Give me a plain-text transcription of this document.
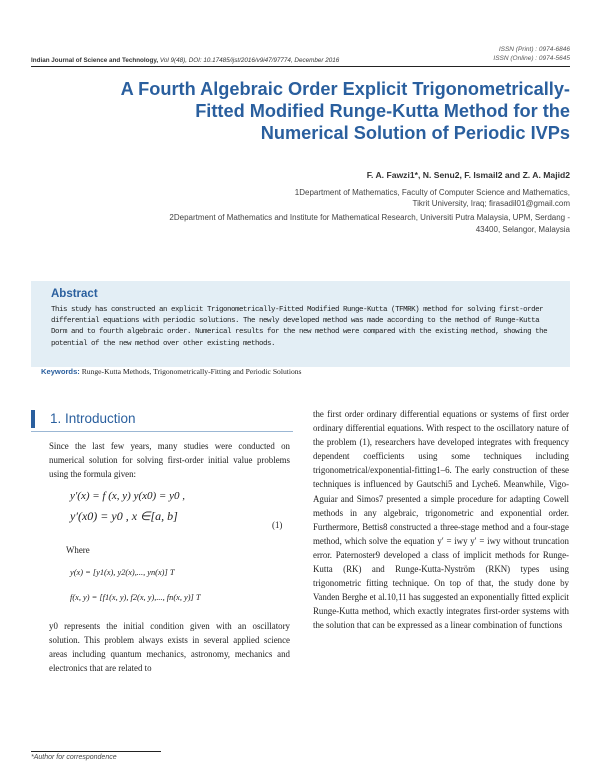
ISSN (Print) : 0974-6846
ISSN (Online) : 0974-5645
Indian Journal of Science and Technology, Vol 9(48), DOI: 10.17485/ijst/2016/v9i47/97774, December 2016
A Fourth Algebraic Order Explicit Trigonometrically-
Fitted Modified Runge-Kutta Method for the
Numerical Solution of Periodic IVPs
F. A. Fawzi1*, N. Senu2, F. Ismail2 and Z. A. Majid2
1Department of Mathematics, Faculty of Computer Science and Mathematics,
Tikrit University, Iraq; firasadil01@gmail.com
2Department of Mathematics and Institute for Mathematical Research, Universiti Putra Malaysia, UPM, Serdang -
43400, Selangor, Malaysia
Abstract
This study has constructed an explicit Trigonometrically-Fitted Modified Runge-Kutta (TFMRK) method for solving first-order differential equations with periodic solutions. The newly developed method was made according to the method of Runge-Kutta Dorm and to fourth algebraic order. Numerical results for the new method were compared with the existing method, showing the potential of the new method over other existing methods.
Keywords: Runge-Kutta Methods, Trigonometrically-Fitting and Periodic Solutions
1. Introduction
Since the last few years, many studies were conducted on numerical solution for solving first-order initial value problems using the formula given:
y′(x) = f (x, y) y(x0) = y0 ,
y′(x0) = y0 , x ∈[a, b]
(1)
Where
y(x) = [y1(x), y2(x),..., yn(x)] T
f(x, y) = [f1(x, y), f2(x, y),..., fn(x, y)] T
y0 represents the initial condition given with an oscillatory solution. This problem always exists in several applied science areas including quantum mechanics, astronomy, mechanics and electronics that are related to
the first order ordinary differential equations or systems of first order ordinary differential equations. With respect to the oscillatory nature of the problem (1), researchers have developed integrates with frequency dependent coefficients using some techniques including trigonometrical/exponential-fitting1–6. The early construction of these techniques is influenced by Gautschi5 and Lyche6. Meanwhile, Vigo-Aguiar and Simos7 presented a simple procedure for adapting Cowell methods in any algebraic, trigonometric and exponential order. Furthermore, Bettis8 constructed a three-stage method and a four-stage method, which solve the equation y′ = iwy y′ = iwy without truncation error. Paternoster9 developed a class of implicit methods for Runge-Kutta (RK) and Runge-Kutta-Nyström (RKN) types using trigonometric fitting technique. On top of that, the study done by Vanden Berghe et al.10,11 has suggested an exponentially fitted explicit Runge-Kutta method, which exactly integrates first-order systems with the solution that can be expressed as a linear combination of functions
*Author for correspondence
